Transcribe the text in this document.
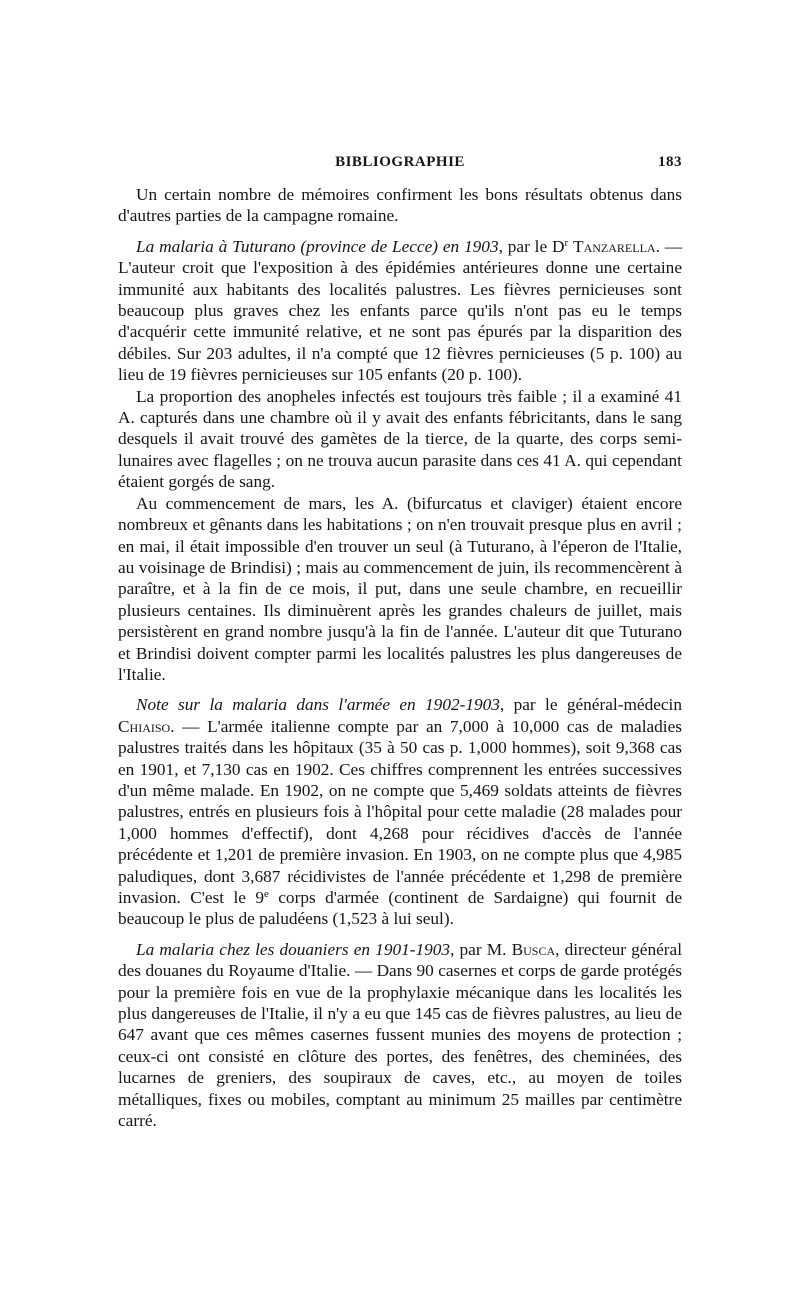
BIBLIOGRAPHIE	183

Un certain nombre de mémoires confirment les bons résultats obtenus dans d'autres parties de la campagne romaine.

La malaria à Tuturano (province de Lecce) en 1903, par le $D^r$ Tanzarella. — L'auteur croit que l'exposition à des épidémies antérieures donne une certaine immunité aux habitants des localités palustres. Les fièvres pernicieuses sont beaucoup plus graves chez les enfants parce qu'ils n'ont pas eu le temps d'acquérir cette immunité relative, et ne sont pas épurés par la disparition des débiles. Sur 203 adultes, il n'a compté que 12 fièvres pernicieuses (5 p. 100) au lieu de 19 fièvres pernicieuses sur 105 enfants (20 p. 100).

La proportion des anopheles infectés est toujours très faible ; il a examiné 41 A. capturés dans une chambre où il y avait des enfants fébricitants, dans le sang desquels il avait trouvé des gamètes de la tierce, de la quarte, des corps semi-lunaires avec flagelles ; on ne trouva aucun parasite dans ces 41 A. qui cependant étaient gorgés de sang.

Au commencement de mars, les A. (bifurcatus et claviger) étaient encore nombreux et gênants dans les habitations ; on n'en trouvait presque plus en avril ; en mai, il était impossible d'en trouver un seul (à Tuturano, à l'éperon de l'Italie, au voisinage de Brindisi) ; mais au commencement de juin, ils recommencèrent à paraître, et à la fin de ce mois, il put, dans une seule chambre, en recueillir plusieurs centaines. Ils diminuèrent après les grandes chaleurs de juillet, mais persistèrent en grand nombre jusqu'à la fin de l'année. L'auteur dit que Tuturano et Brindisi doivent compter parmi les localités palustres les plus dangereuses de l'Italie.

Note sur la malaria dans l'armée en 1902-1903, par le général-médecin Chiaiso. — L'armée italienne compte par an 7,000 à 10,000 cas de maladies palustres traités dans les hôpitaux (35 à 50 cas p. 1,000 hommes), soit 9,368 cas en 1901, et 7,130 cas en 1902. Ces chiffres comprennent les entrées successives d'un même malade. En 1902, on ne compte que 5,469 soldats atteints de fièvres palustres, entrés en plusieurs fois à l'hôpital pour cette maladie (28 malades pour 1,000 hommes d'effectif), dont 4,268 pour récidives d'accès de l'année précédente et 1,201 de première invasion. En 1903, on ne compte plus que 4,985 paludiques, dont 3,687 récidivistes de l'année précédente et 1,298 de première invasion. C'est le 9e corps d'armée (continent de Sardaigne) qui fournit de beaucoup le plus de paludéens (1,523 à lui seul).

La malaria chez les douaniers en 1901-1903, par M. Busca, directeur général des douanes du Royaume d'Italie. — Dans 90 casernes et corps de garde protégés pour la première fois en vue de la prophylaxie mécanique dans les localités les plus dangereuses de l'Italie, il n'y a eu que 145 cas de fièvres palustres, au lieu de 647 avant que ces mêmes casernes fussent munies des moyens de protection ; ceux-ci ont consisté en clôture des portes, des fenêtres, des cheminées, des lucarnes de greniers, des soupiraux de caves, etc., au moyen de toiles métalliques, fixes ou mobiles, comptant au minimum 25 mailles par centimètre carré.
